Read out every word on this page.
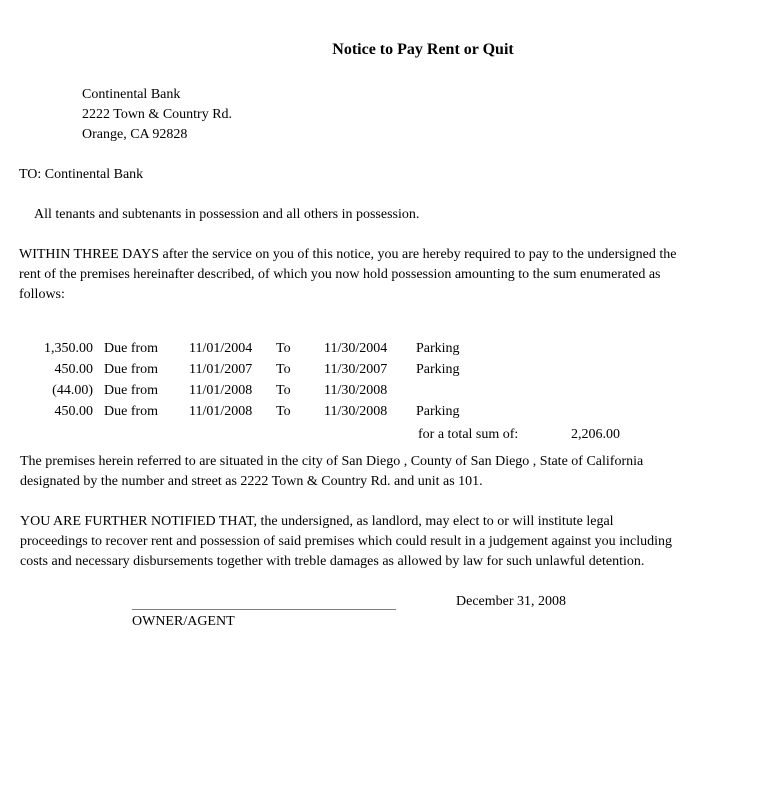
Notice to Pay Rent or Quit
Continental Bank
2222 Town & Country Rd.
Orange, CA 92828
TO: Continental Bank
All tenants and subtenants in possession and all others in possession.
WITHIN THREE DAYS after the service on you of this notice, you are hereby required to pay to the undersigned the
rent of the premises hereinafter described, of which you now hold possession amounting to the sum enumerated as
follows:
1,350.00 Due from 11/01/2004 To 11/30/2004 Parking
450.00 Due from 11/01/2007 To 11/30/2007 Parking
(44.00) Due from 11/01/2008 To 11/30/2008
450.00 Due from 11/01/2008 To 11/30/2008 Parking
for a total sum of:	2,206.00
The premises herein referred to are situated in the city of San Diego , County of San Diego , State of California
designated by the number and street as 2222 Town & Country Rd. and unit as 101.
YOU ARE FURTHER NOTIFIED THAT, the undersigned, as landlord, may elect to or will institute legal
proceedings to recover rent and possession of said premises which could result in a judgement against you including
costs and necessary disbursements together with treble damages as allowed by law for such unlawful detention.
December 31, 2008
OWNER/AGENT
